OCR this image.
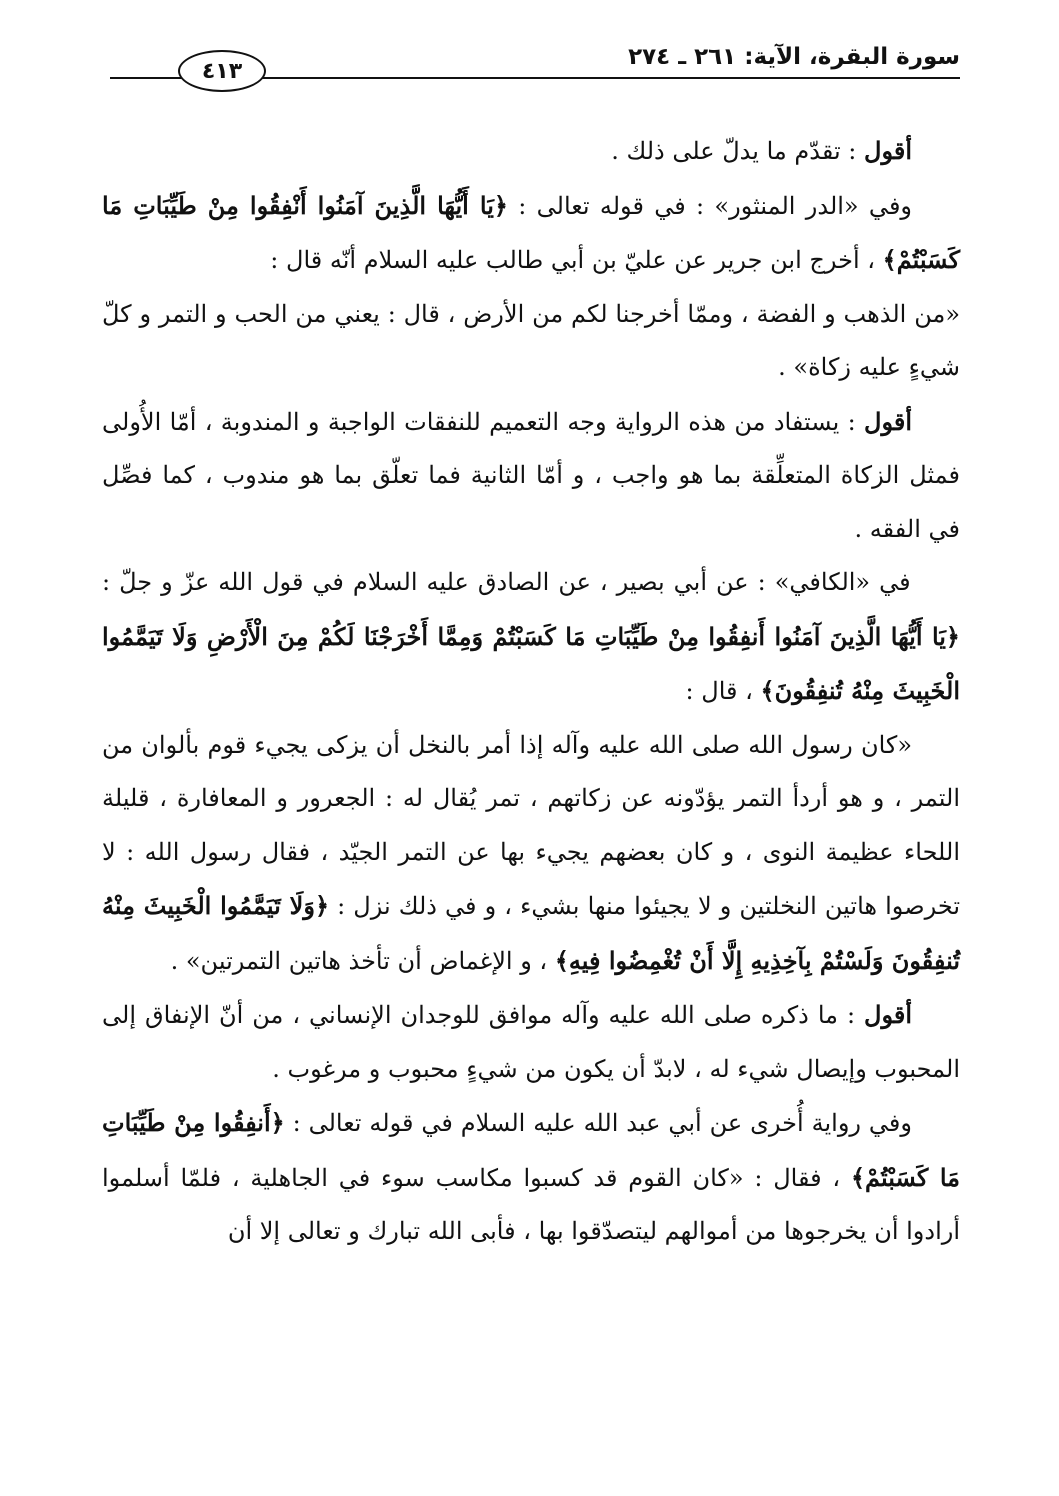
سورة البقرة، الآية: ٢٦١ ـ ٢٧٤
٤١٣

أقول : تقدّم ما يدلّ على ذلك .

وفي «الدر المنثور» : في قوله تعالى : ﴿يَا أَيُّهَا الَّذِينَ آمَنُوا أَنْفِقُوا مِنْ طَيِّبَاتِ مَا كَسَبْتُمْ﴾ ، أخرج ابن جرير عن عليّ بن أبي طالب عليه السلام أنّه قال :

«من الذهب و الفضة ، وممّا أخرجنا لكم من الأرض ، قال : يعني من الحب و التمر و كلّ شيءٍ عليه زكاة» .

أقول : يستفاد من هذه الرواية وجه التعميم للنفقات الواجبة و المندوبة ، أمّا الأُولى فمثل الزكاة المتعلِّقة بما هو واجب ، و أمّا الثانية فما تعلّق بما هو مندوب ، كما فصِّل في الفقه .

في «الكافي» : عن أبي بصير ، عن الصادق عليه السلام في قول الله عزّ و جلّ : ﴿يَا أَيُّهَا الَّذِينَ آمَنُوا أَنفِقُوا مِنْ طَيِّبَاتِ مَا كَسَبْتُمْ وَمِمَّا أَخْرَجْنَا لَكُمْ مِنَ الْأَرْضِ وَلَا تَيَمَّمُوا الْخَبِيثَ مِنْهُ تُنفِقُونَ﴾ ، قال :

«كان رسول الله صلى الله عليه وآله إذا أمر بالنخل أن يزكى يجيء قوم بألوان من التمر ، و هو أردأ التمر يؤدّونه عن زكاتهم ، تمر يُقال له : الجعرور و المعافارة ، قليلة اللحاء عظيمة النوى ، و كان بعضهم يجيء بها عن التمر الجيّد ، فقال رسول الله : لا تخرصوا هاتين النخلتين و لا يجيئوا منها بشيء ، و في ذلك نزل : ﴿وَلَا تَيَمَّمُوا الْخَبِيثَ مِنْهُ تُنفِقُونَ وَلَسْتُمْ بِآخِذِيهِ إِلَّا أَنْ تُغْمِضُوا فِيهِ﴾ ، و الإغماض أن تأخذ هاتين التمرتين» .

أقول : ما ذكره صلى الله عليه وآله موافق للوجدان الإنساني ، من أنّ الإنفاق إلى المحبوب وإيصال شيء له ، لابدّ أن يكون من شيءٍ محبوب و مرغوب .

وفي رواية أُخرى عن أبي عبد الله عليه السلام في قوله تعالى : ﴿أَنفِقُوا مِنْ طَيِّبَاتِ مَا كَسَبْتُمْ﴾ ، فقال : «كان القوم قد كسبوا مكاسب سوء في الجاهلية ، فلمّا أسلموا أرادوا أن يخرجوها من أموالهم ليتصدّقوا بها ، فأبى الله تبارك و تعالى إلا أن
